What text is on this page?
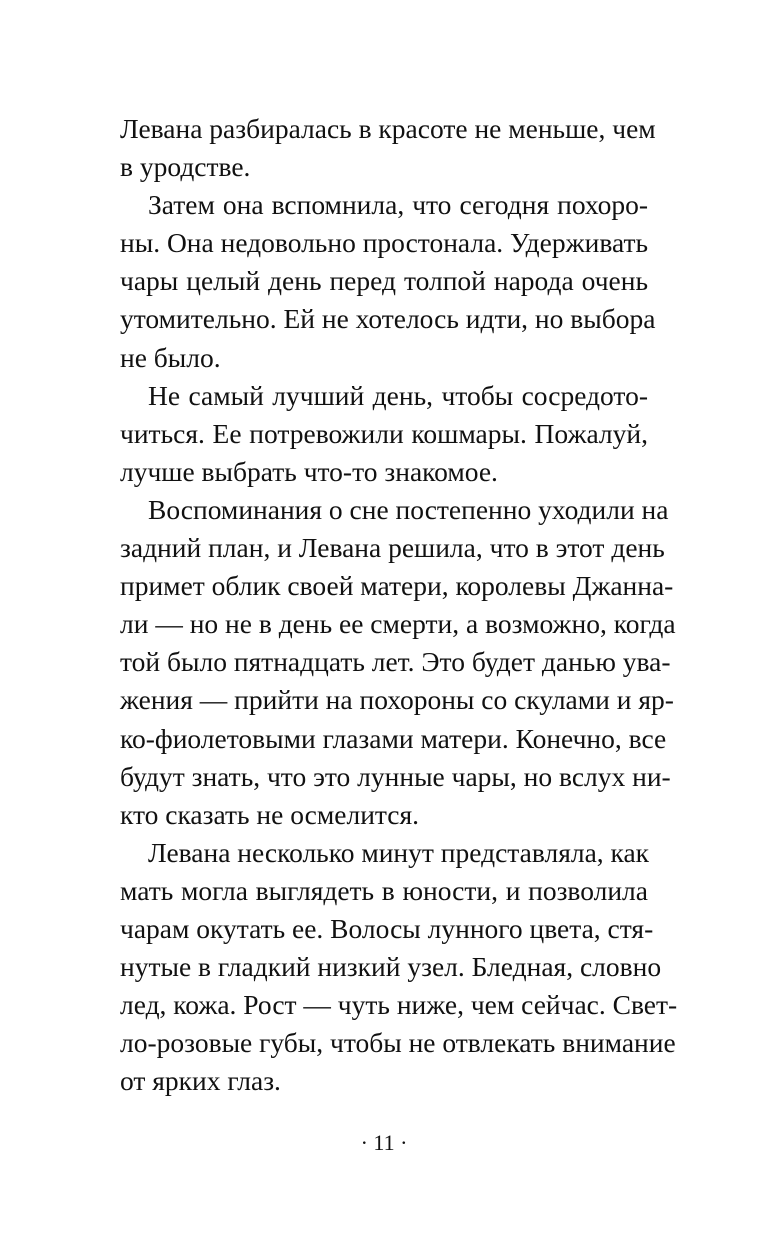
Левана разбиралась в красоте не меньше, чем
в уродстве.
Затем она вспомнила, что сегодня похоро-
ны. Она недовольно простонала. Удерживать
чары целый день перед толпой народа очень
утомительно. Ей не хотелось идти, но выбора
не было.
Не самый лучший день, чтобы сосредото-
читься. Ее потревожили кошмары. Пожалуй,
лучше выбрать что-то знакомое.
Воспоминания о сне постепенно уходили на
задний план, и Левана решила, что в этот день
примет облик своей матери, королевы Джанна-
ли — но не в день ее смерти, а возможно, когда
той было пятнадцать лет. Это будет данью ува-
жения — прийти на похороны со скулами и яр-
ко-фиолетовыми глазами матери. Конечно, все
будут знать, что это лунные чары, но вслух ни-
кто сказать не осмелится.
Левана несколько минут представляла, как
мать могла выглядеть в юности, и позволила
чарам окутать ее. Волосы лунного цвета, стя-
нутые в гладкий низкий узел. Бледная, словно
лед, кожа. Рост — чуть ниже, чем сейчас. Свет-
ло-розовые губы, чтобы не отвлекать внимание
от ярких глаз.
· 11 ·
